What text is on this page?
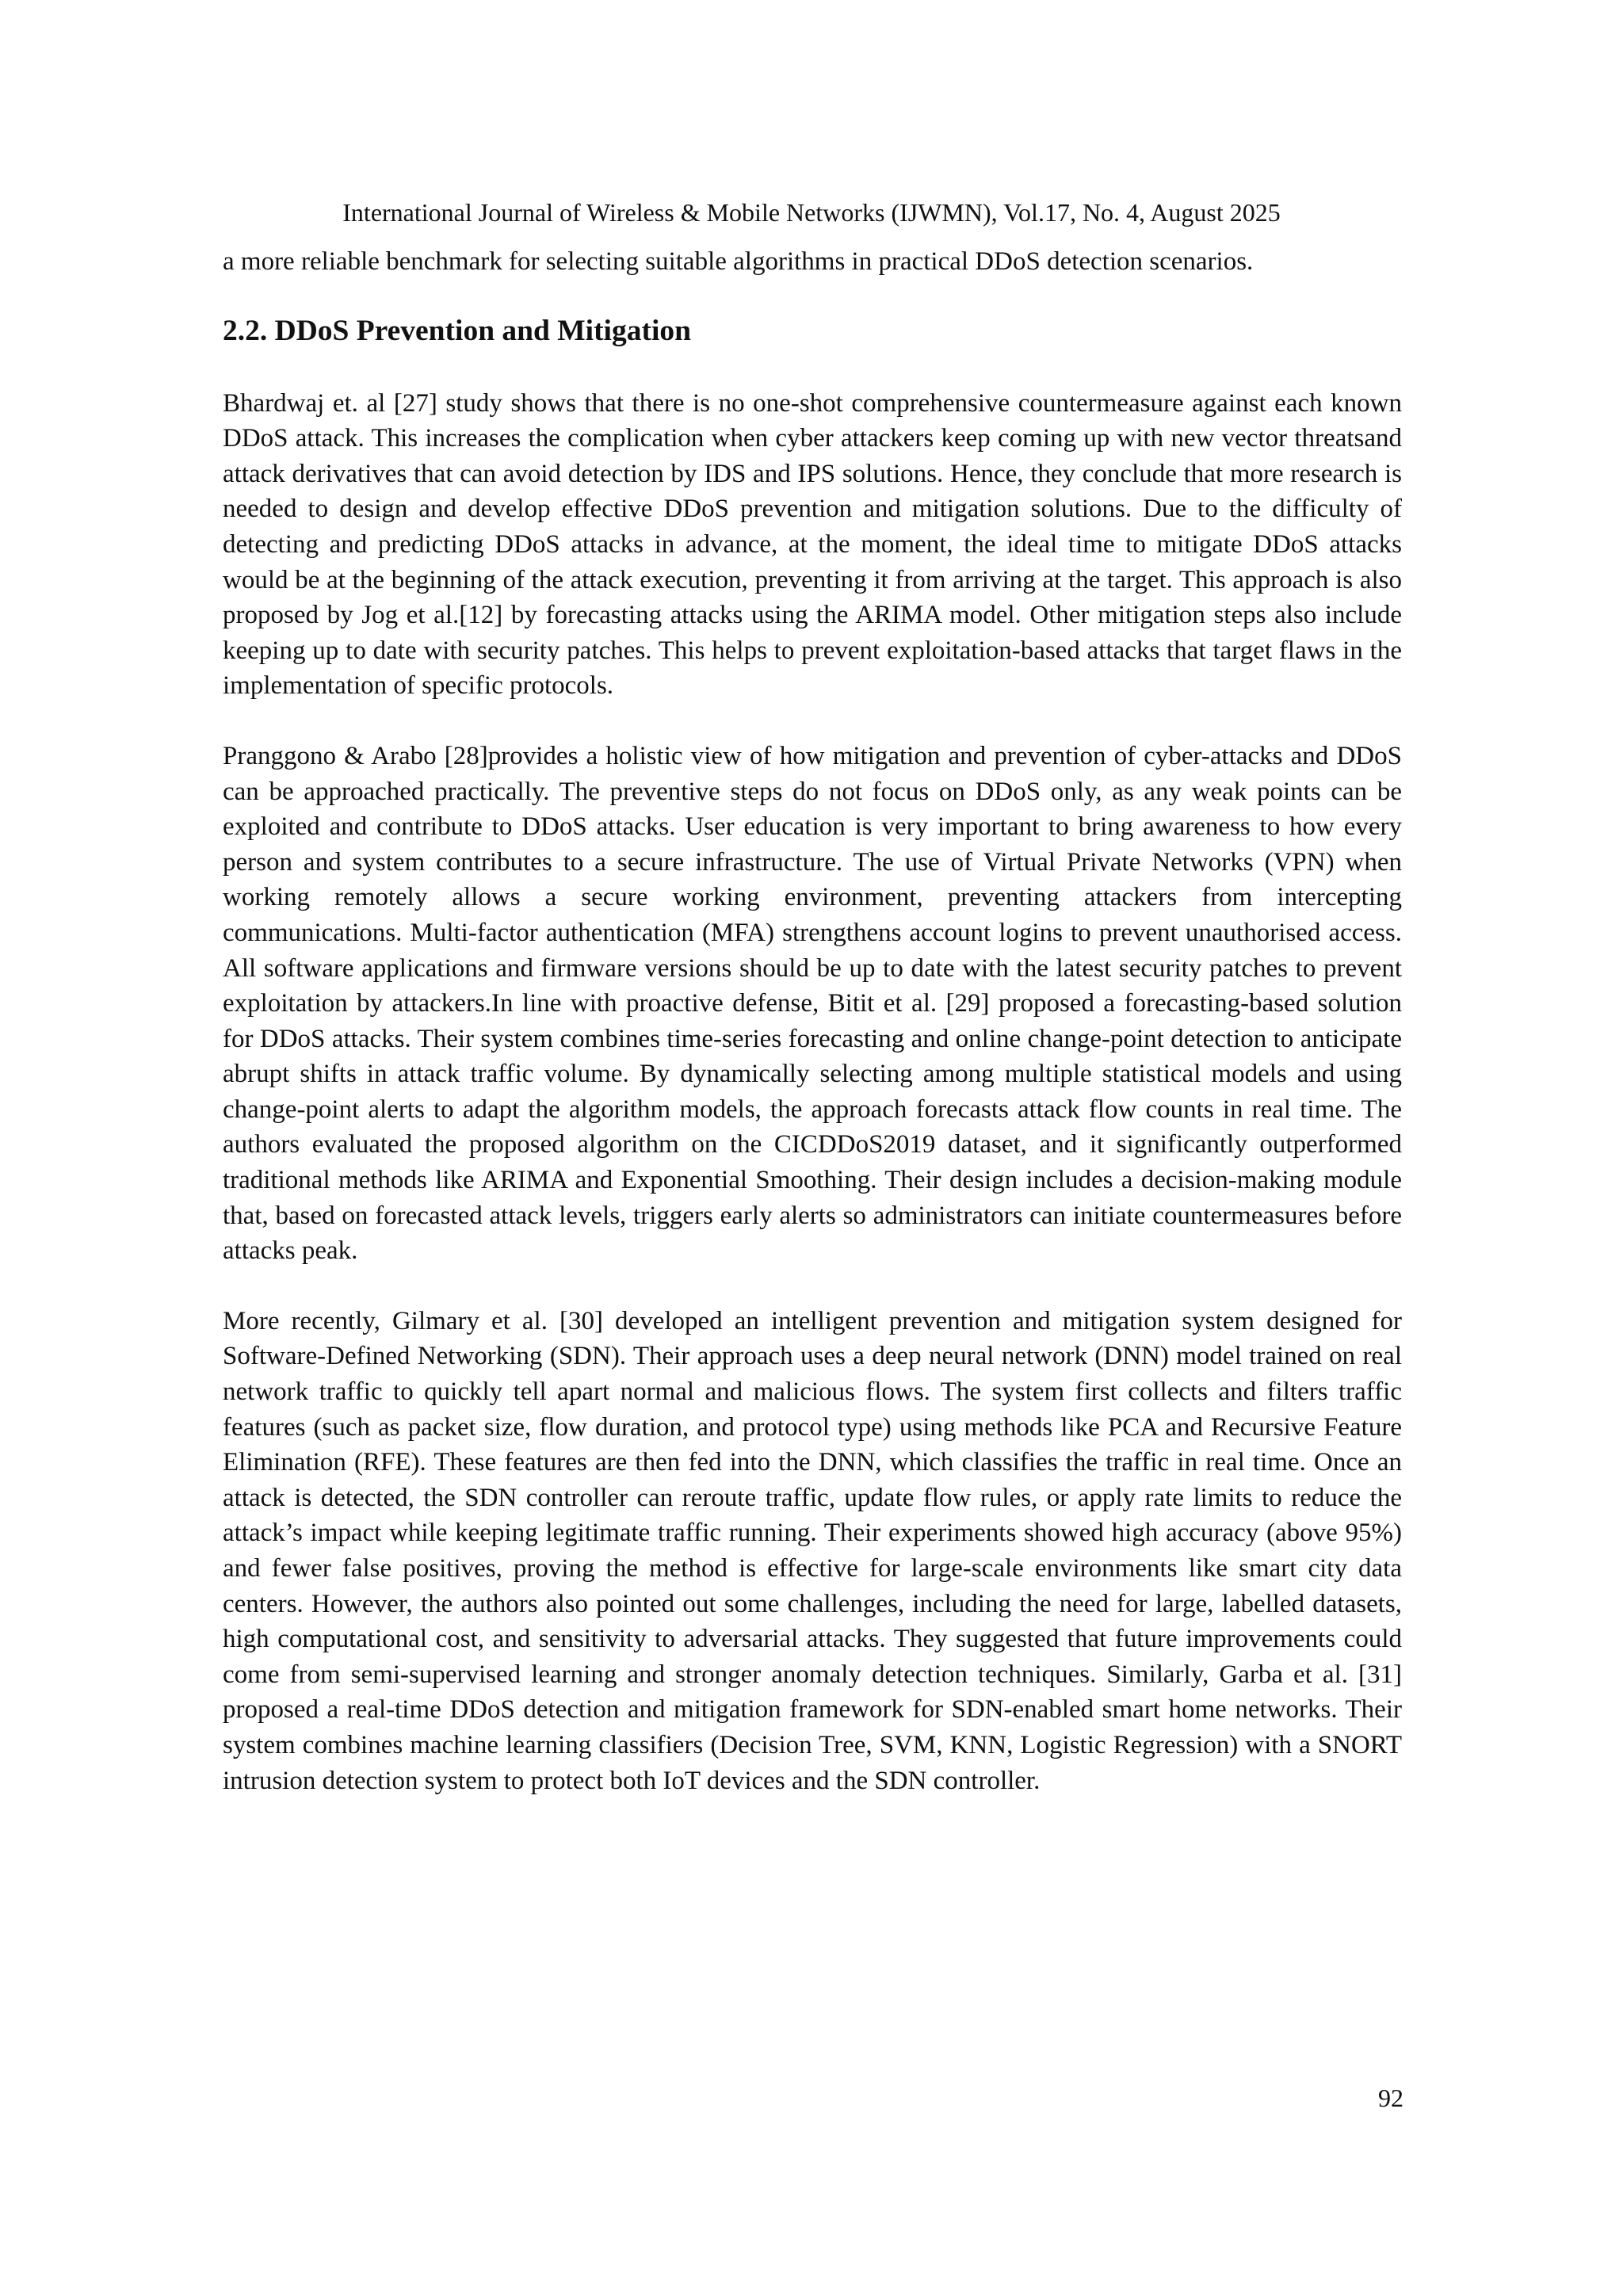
International Journal of Wireless & Mobile Networks (IJWMN), Vol.17, No. 4, August 2025

a more reliable benchmark for selecting suitable algorithms in practical DDoS detection scenarios.

2.2. DDoS Prevention and Mitigation

Bhardwaj et. al [27] study shows that there is no one-shot comprehensive countermeasure against each known DDoS attack. This increases the complication when cyber attackers keep coming up with new vector threatsand attack derivatives that can avoid detection by IDS and IPS solutions. Hence, they conclude that more research is needed to design and develop effective DDoS prevention and mitigation solutions. Due to the difficulty of detecting and predicting DDoS attacks in advance, at the moment, the ideal time to mitigate DDoS attacks would be at the beginning of the attack execution, preventing it from arriving at the target. This approach is also proposed by Jog et al.[12] by forecasting attacks using the ARIMA model. Other mitigation steps also include keeping up to date with security patches. This helps to prevent exploitation-based attacks that target flaws in the implementation of specific protocols.

Pranggono & Arabo [28]provides a holistic view of how mitigation and prevention of cyber-attacks and DDoS can be approached practically. The preventive steps do not focus on DDoS only, as any weak points can be exploited and contribute to DDoS attacks. User education is very important to bring awareness to how every person and system contributes to a secure infrastructure. The use of Virtual Private Networks (VPN) when working remotely allows a secure working environment, preventing attackers from intercepting communications. Multi-factor authentication (MFA) strengthens account logins to prevent unauthorised access. All software applications and firmware versions should be up to date with the latest security patches to prevent exploitation by attackers.In line with proactive defense, Bitit et al. [29] proposed a forecasting-based solution for DDoS attacks. Their system combines time-series forecasting and online change-point detection to anticipate abrupt shifts in attack traffic volume. By dynamically selecting among multiple statistical models and using change-point alerts to adapt the algorithm models, the approach forecasts attack flow counts in real time. The authors evaluated the proposed algorithm on the CICDDoS2019 dataset, and it significantly outperformed traditional methods like ARIMA and Exponential Smoothing. Their design includes a decision-making module that, based on forecasted attack levels, triggers early alerts so administrators can initiate countermeasures before attacks peak.

More recently, Gilmary et al. [30] developed an intelligent prevention and mitigation system designed for Software-Defined Networking (SDN). Their approach uses a deep neural network (DNN) model trained on real network traffic to quickly tell apart normal and malicious flows. The system first collects and filters traffic features (such as packet size, flow duration, and protocol type) using methods like PCA and Recursive Feature Elimination (RFE). These features are then fed into the DNN, which classifies the traffic in real time. Once an attack is detected, the SDN controller can reroute traffic, update flow rules, or apply rate limits to reduce the attack’s impact while keeping legitimate traffic running. Their experiments showed high accuracy (above 95%) and fewer false positives, proving the method is effective for large-scale environments like smart city data centers. However, the authors also pointed out some challenges, including the need for large, labelled datasets, high computational cost, and sensitivity to adversarial attacks. They suggested that future improvements could come from semi-supervised learning and stronger anomaly detection techniques. Similarly, Garba et al. [31] proposed a real-time DDoS detection and mitigation framework for SDN-enabled smart home networks. Their system combines machine learning classifiers (Decision Tree, SVM, KNN, Logistic Regression) with a SNORT intrusion detection system to protect both IoT devices and the SDN controller.

92
